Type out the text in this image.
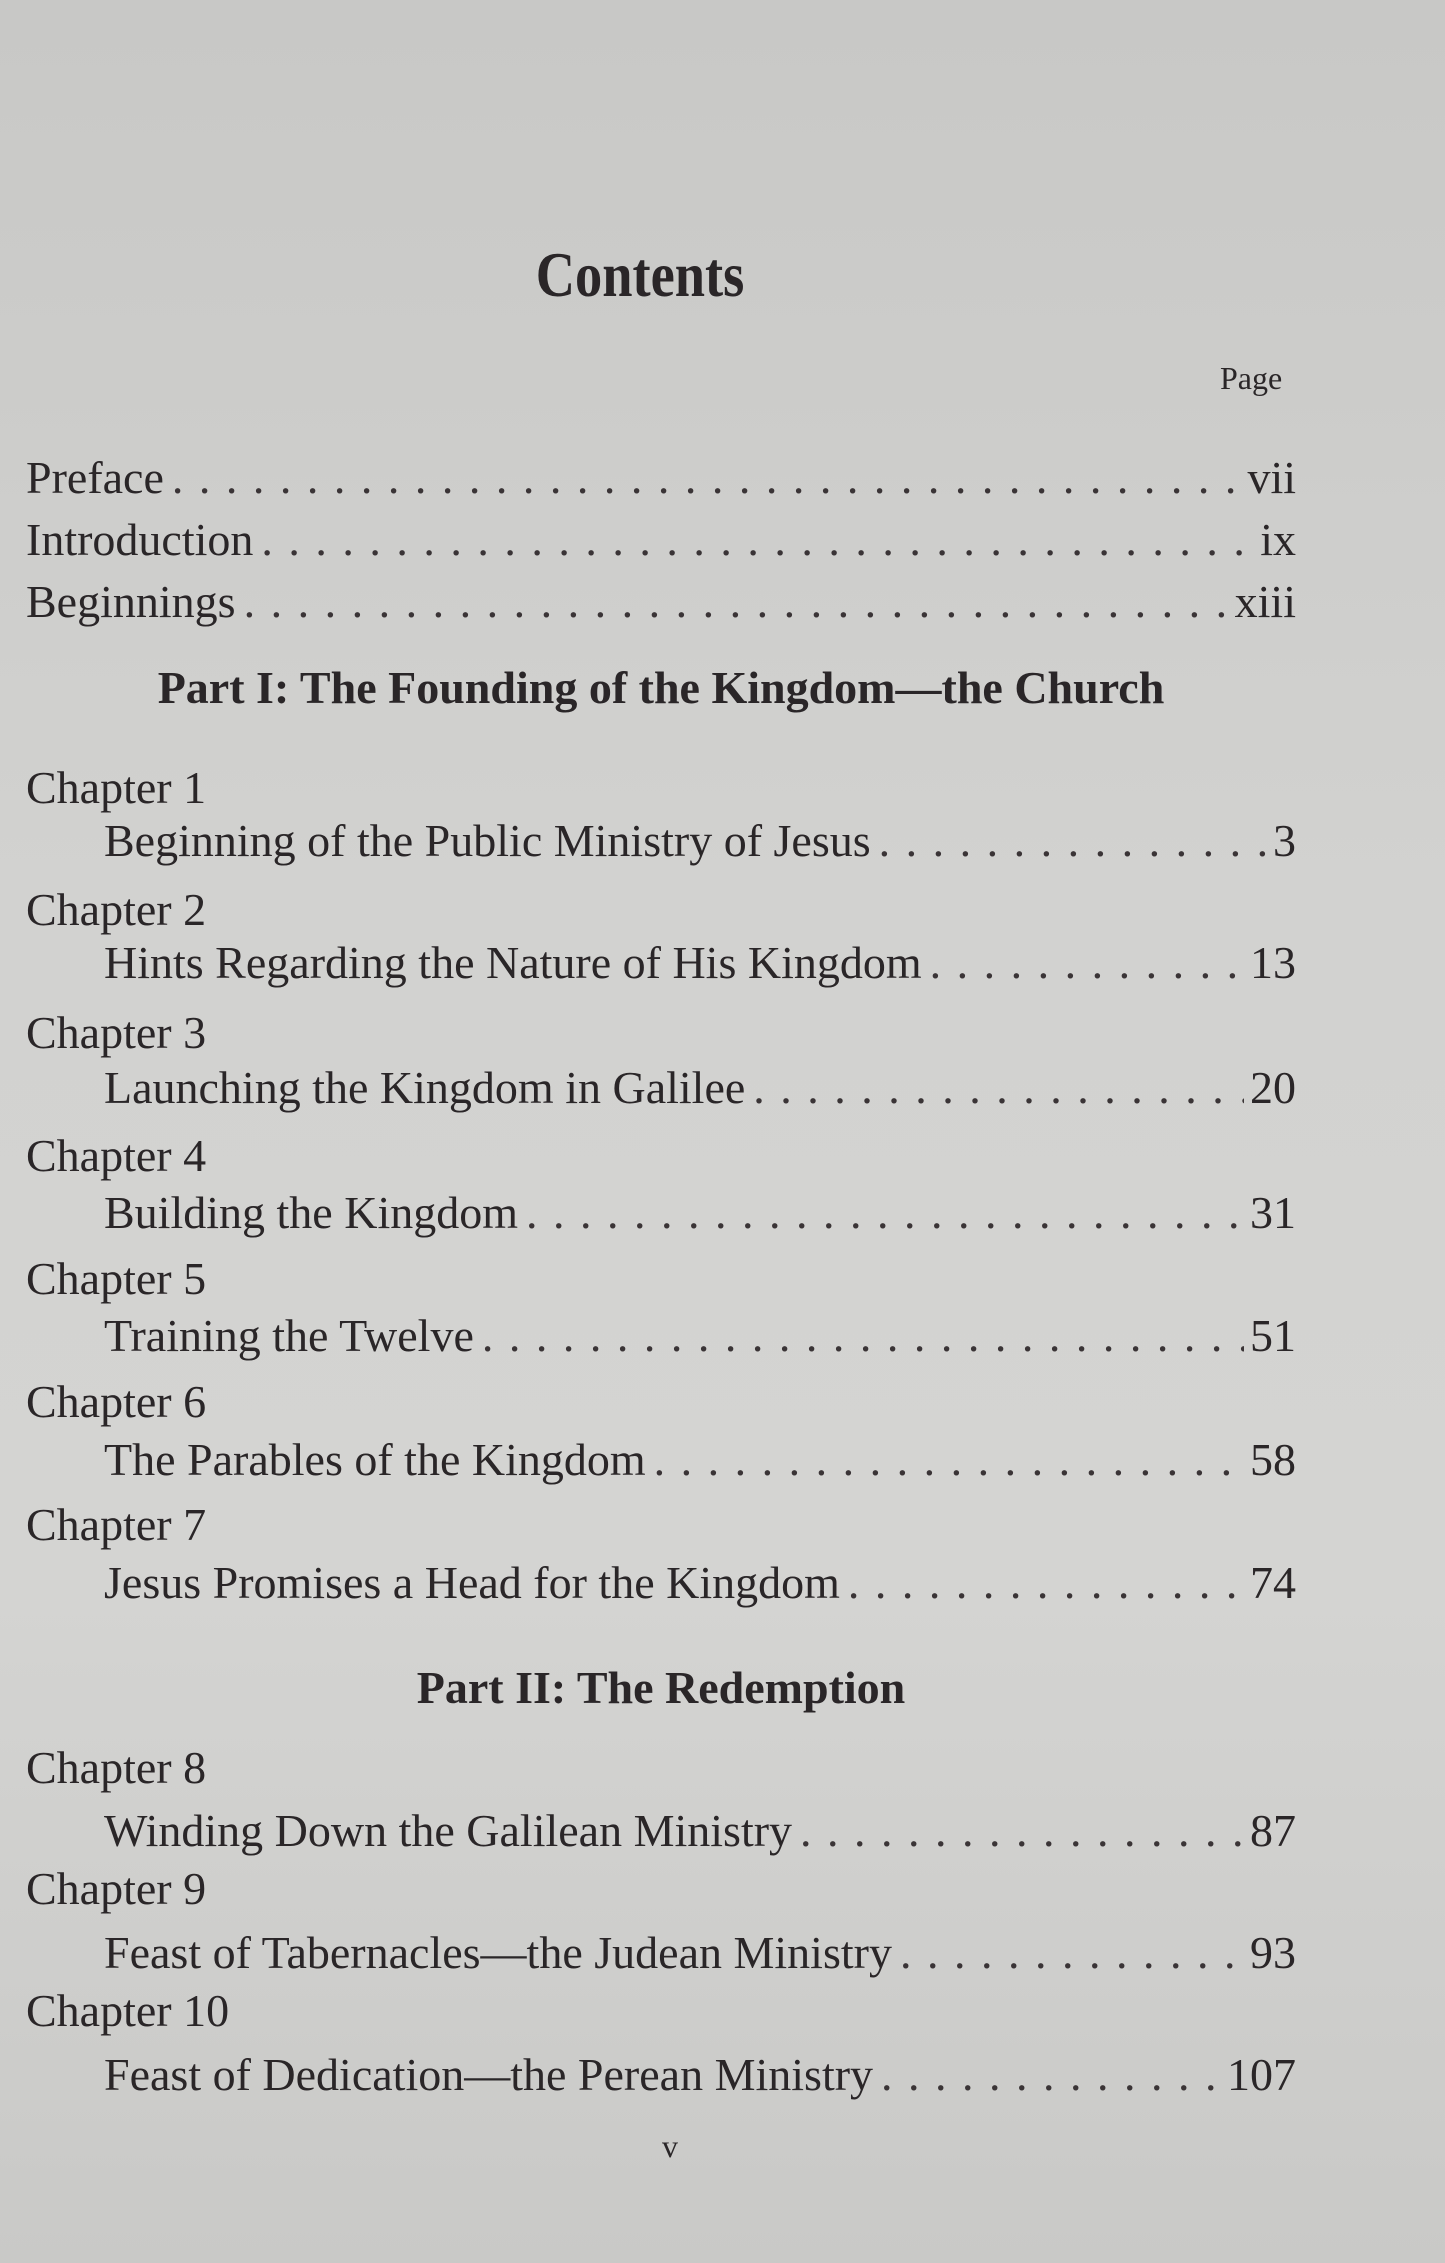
Contents
Page
Preface . . .	vii
Introduction . . .	ix
Beginnings . . .	xiii
Part I: The Founding of the Kingdom—the Church
Chapter 1
Beginning of the Public Ministry of Jesus . . .	3
Chapter 2
Hints Regarding the Nature of His Kingdom . . .	13
Chapter 3
Launching the Kingdom in Galilee . . .	20
Chapter 4
Building the Kingdom . . .	31
Chapter 5
Training the Twelve . . .	51
Chapter 6
The Parables of the Kingdom . . .	58
Chapter 7
Jesus Promises a Head for the Kingdom . . .	74
Part II: The Redemption
Chapter 8
Winding Down the Galilean Ministry . . .	87
Chapter 9
Feast of Tabernacles—the Judean Ministry . . .	93
Chapter 10
Feast of Dedication—the Perean Ministry . . .	107
v
